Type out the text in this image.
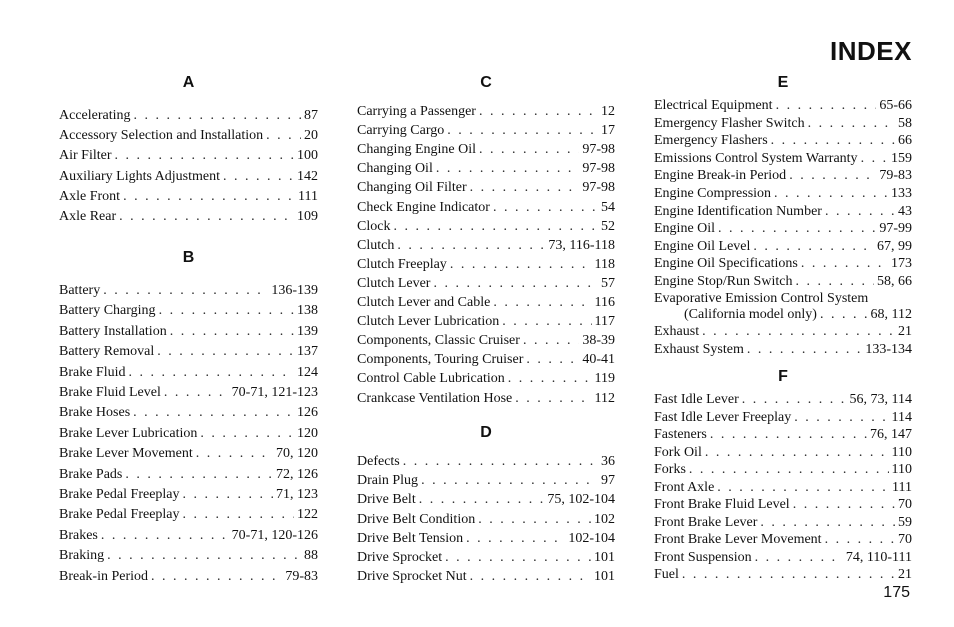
INDEX
A
Accelerating . . .	87
Accessory Selection and Installation . . .	20
Air Filter . . .	100
Auxiliary Lights Adjustment . . .	142
Axle Front . . .	111
Axle Rear . . .	109
B
Battery . . .	136-139
Battery Charging . . .	138
Battery Installation . . .	139
Battery Removal . . .	137
Brake Fluid . . .	124
Brake Fluid Level . . .	70-71, 121-123
Brake Hoses . . .	126
Brake Lever Lubrication . . .	120
Brake Lever Movement . . .	70, 120
Brake Pads . . .	72, 126
Brake Pedal Freeplay . . .	71, 123
Brake Pedal Freeplay . . .	122
Brakes . . .	70-71, 120-126
Braking . . .	88
Break-in Period . . .	79-83
C
Carrying a Passenger . . .	12
Carrying Cargo . . .	17
Changing Engine Oil . . .	97-98
Changing Oil . . .	97-98
Changing Oil Filter . . .	97-98
Check Engine Indicator . . .	54
Clock . . .	52
Clutch . . .	73, 116-118
Clutch Freeplay . . .	118
Clutch Lever . . .	57
Clutch Lever and Cable . . .	116
Clutch Lever Lubrication . . .	117
Components, Classic Cruiser . . .	38-39
Components, Touring Cruiser . . .	40-41
Control Cable Lubrication . . .	119
Crankcase Ventilation Hose . . .	112
D
Defects . . .	36
Drain Plug . . .	97
Drive Belt . . .	75, 102-104
Drive Belt Condition . . .	102
Drive Belt Tension . . .	102-104
Drive Sprocket . . .	101
Drive Sprocket Nut . . .	101
E
Electrical Equipment . . .	65-66
Emergency Flasher Switch . . .	58
Emergency Flashers . . .	66
Emissions Control System Warranty . . . 159
Engine Break-in Period . . .	79-83
Engine Compression . . .	133
Engine Identification Number . . .	43
Engine Oil . . .	97-99
Engine Oil Level . . .	67, 99
Engine Oil Specifications . . .	173
Engine Stop/Run Switch . . .	58, 66
Evaporative Emission Control System
(California model only) . . .	68, 112
Exhaust . . .	21
Exhaust System . . .	133-134
F
Fast Idle Lever . . .	56, 73, 114
Fast Idle Lever Freeplay . . .	114
Fasteners . . .	76, 147
Fork Oil . . .	110
Forks . . .	110
Front Axle . . .	111
Front Brake Fluid Level . . .	70
Front Brake Lever . . .	59
Front Brake Lever Movement . . .	70
Front Suspension . . .	74, 110-111
Fuel . . .	21
175
